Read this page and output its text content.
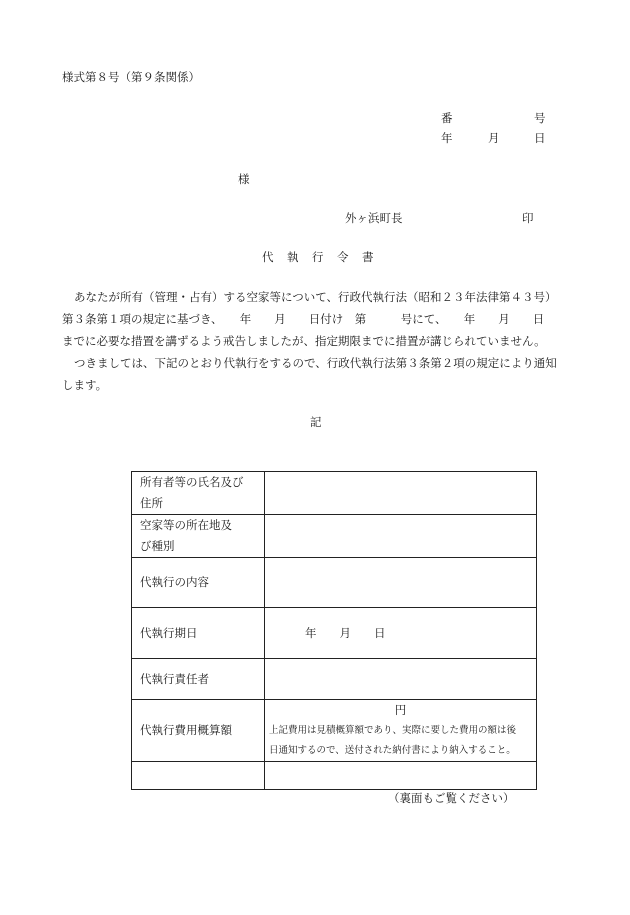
様式第８号（第９条関係）
番	号
年	月	日
様
外ヶ浜町長	印
代　執　行　令　書
あなたが所有（管理・占有）する空家等について、行政代執行法（昭和２３年法律第４３号）
第３条第１項の規定に基づき、　　年　　月　　日付け　第　　　号にて、　　年　　月　　日
までに必要な措置を講ずるよう戒告しましたが、指定期限までに措置が講じられていません。
つきましては、下記のとおり代執行をするので、行政代執行法第３条第２項の規定により通知
します。
記
所有者等の氏名及び
住所	

空家等の所在地及
び種別	

代執行の内容	
代執行期日	年　　月　　日
代執行責任者	
代執行費用概算額	円
上記費用は見積概算額であり、実際に要した費用の額は後
日通知するので、送付された納付書により納入すること。

（裏面もご覧ください）
